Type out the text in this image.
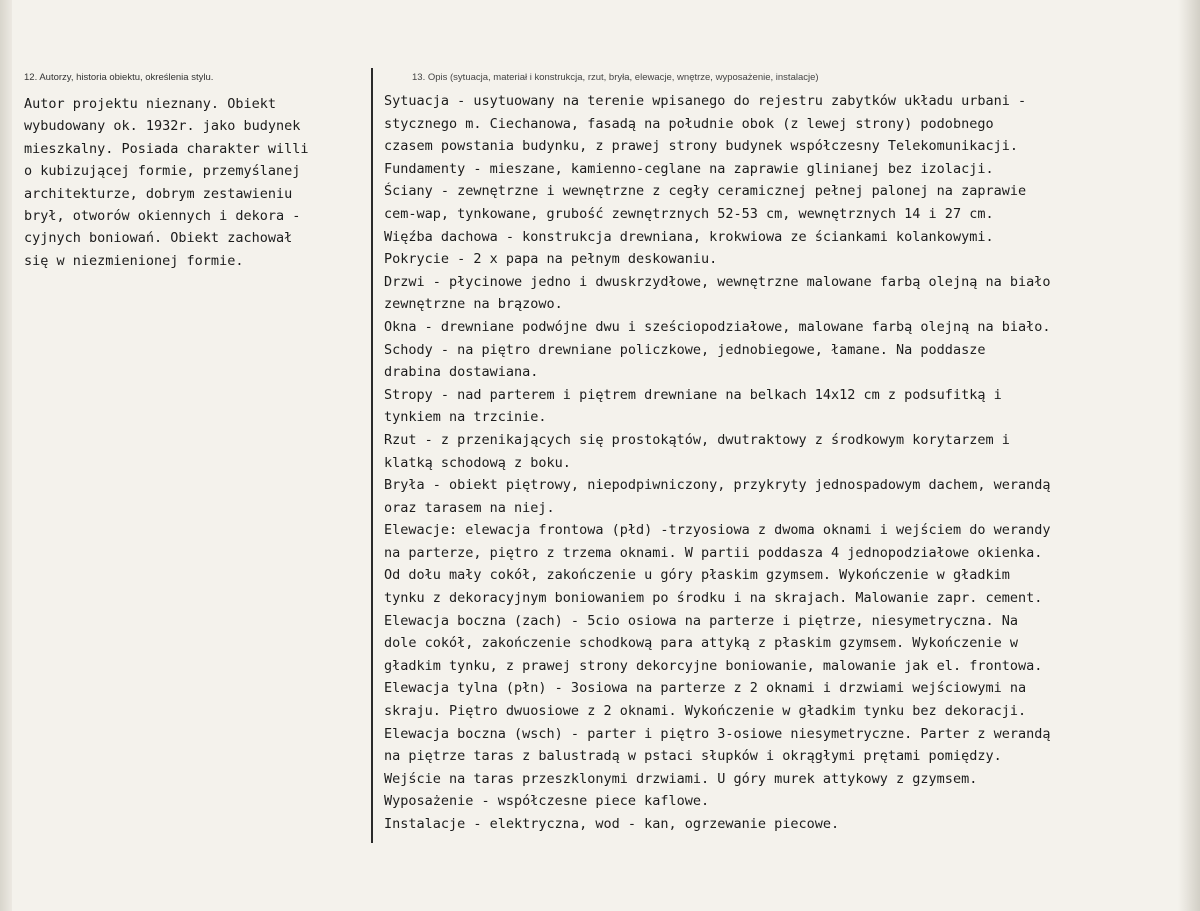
12. Autorzy, historia obiektu, określenia stylu.	13. Opis (sytuacja, materiał i konstrukcja, rzut, bryła, elewacje, wnętrze, wyposażenie, instalacje)
Autor projektu nieznany. Obiekt
wybudowany ok. 1932r. jako budynek
mieszkalny. Posiada charakter willi
o kubizującej formie, przemyślanej
architekturze, dobrym zestawieniu
brył, otworów okiennych i dekora -
cyjnych boniowań. Obiekt zachował
się w niezmienionej formie.
Sytuacja - usytuowany na terenie wpisanego do rejestru zabytków układu urbani -
stycznego m. Ciechanowa, fasadą na południe obok (z lewej strony) podobnego
czasem powstania budynku, z prawej strony budynek współczesny Telekomunikacji.
Fundamenty - mieszane, kamienno-ceglane na zaprawie glinianej bez izolacji.
Ściany - zewnętrzne i wewnętrzne z cegły ceramicznej pełnej palonej na zaprawie
cem-wap, tynkowane, grubość zewnętrznych 52-53 cm, wewnętrznych 14 i 27 cm.
Więźba dachowa - konstrukcja drewniana, krokwiowa ze ściankami kolankowymi.
Pokrycie - 2 x papa na pełnym deskowaniu.
Drzwi - płycinowe jedno i dwuskrzydłowe, wewnętrzne malowane farbą olejną na biało
zewnętrzne na brązowo.
Okna - drewniane podwójne dwu i sześciopodziałowe, malowane farbą olejną na biało.
Schody - na piętro drewniane policzkowe, jednobiegowe, łamane. Na poddasze
drabina dostawiana.
Stropy - nad parterem i piętrem drewniane na belkach 14x12 cm z podsufitką i
tynkiem na trzcinie.
Rzut - z przenikających się prostokątów, dwutraktowy z środkowym korytarzem i
klatką schodową z boku.
Bryła - obiekt piętrowy, niepodpiwniczony, przykryty jednospadowym dachem, werandą
oraz tarasem na niej.
Elewacje: elewacja frontowa (płd) -trzyosiowa z dwoma oknami i wejściem do werandy
na parterze, piętro z trzema oknami. W partii poddasza 4 jednopodziałowe okienka.
Od dołu mały cokół, zakończenie u góry płaskim gzymsem. Wykończenie w gładkim
tynku z dekoracyjnym boniowaniem po środku i na skrajach. Malowanie zapr. cement.
Elewacja boczna (zach) - 5cio osiowa na parterze i piętrze, niesymetryczna. Na
dole cokół, zakończenie schodkową para attyką z płaskim gzymsem. Wykończenie w
gładkim tynku, z prawej strony dekorcyjne boniowanie, malowanie jak el. frontowa.
Elewacja tylna (płn) - 3osiowa na parterze z 2 oknami i drzwiami wejściowymi na
skraju. Piętro dwuosiowe z 2 oknami. Wykończenie w gładkim tynku bez dekoracji.
Elewacja boczna (wsch) - parter i piętro 3-osiowe niesymetryczne. Parter z werandą
na piętrze taras z balustradą w pstaci słupków i okrągłymi prętami pomiędzy.
Wejście na taras przeszklonymi drzwiami. U góry murek attykowy z gzymsem.
Wyposażenie - współczesne piece kaflowe.
Instalacje - elektryczna, wod - kan, ogrzewanie piecowe.
